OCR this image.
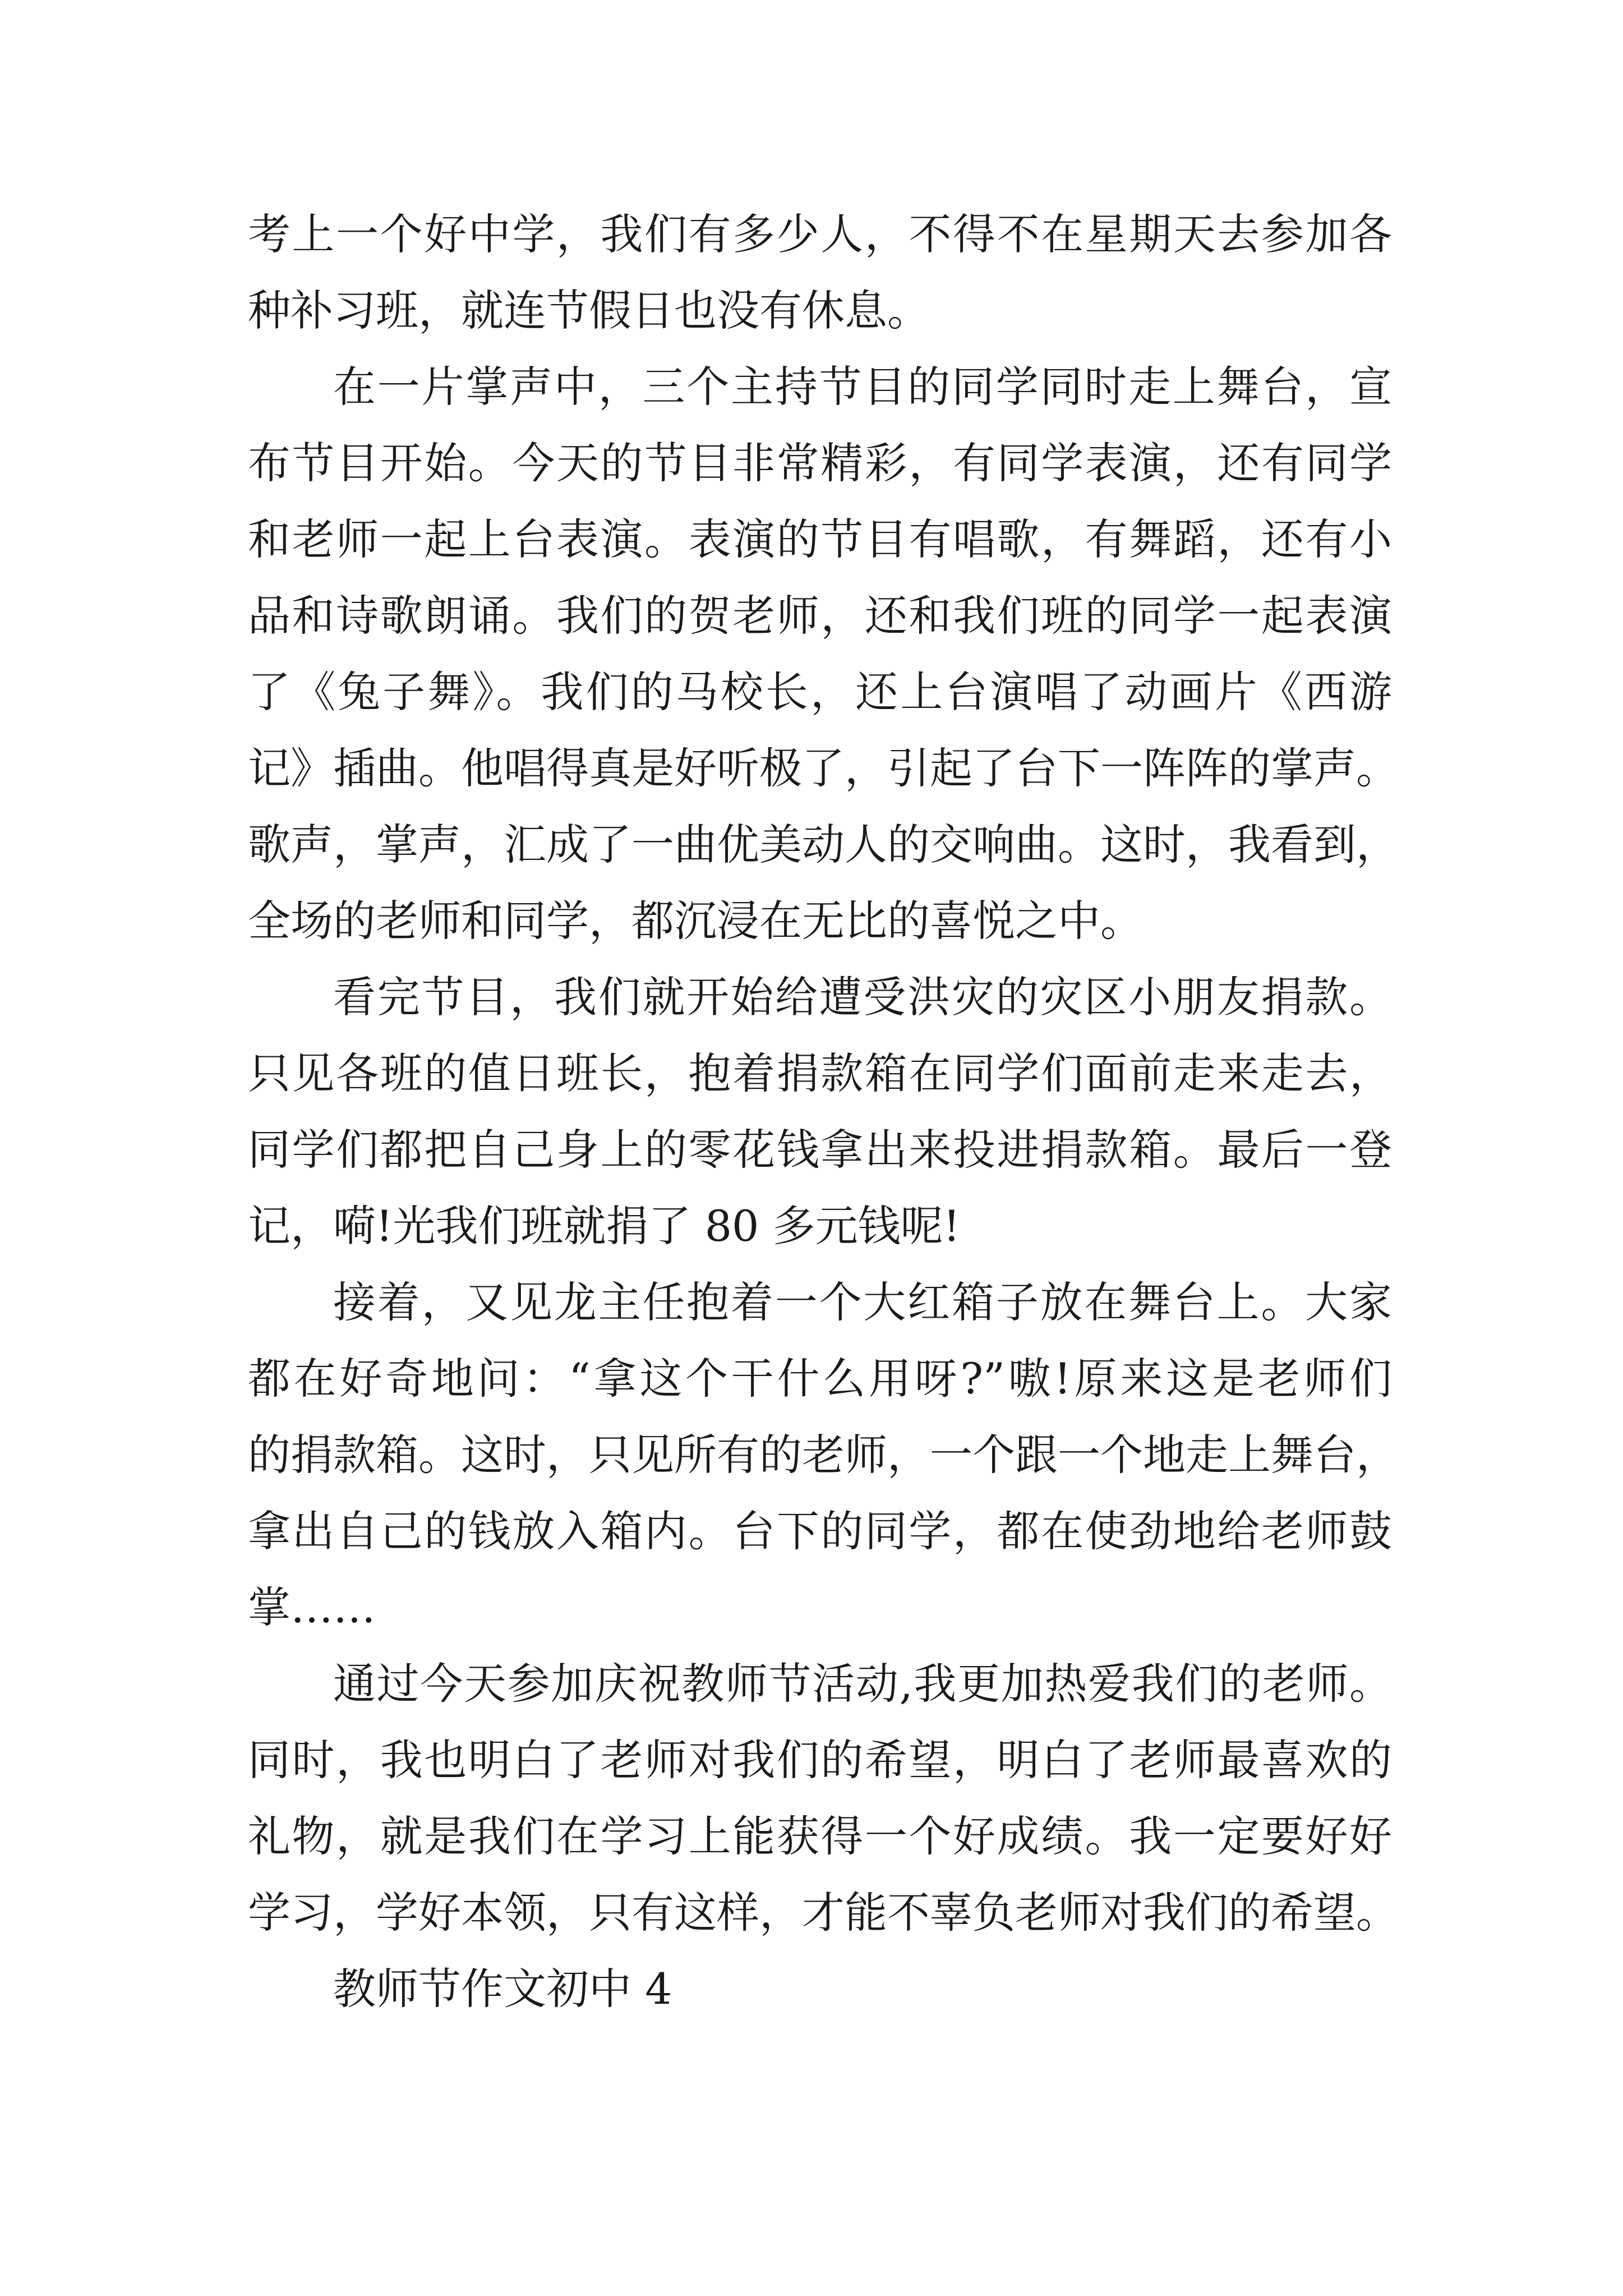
考上一个好中学，我们有多少人，不得不在星期天去参加各
种补习班，就连节假日也没有休息。
在一片掌声中，三个主持节目的同学同时走上舞台，宣
布节目开始。今天的节目非常精彩，有同学表演，还有同学
和老师一起上台表演。表演的节目有唱歌，有舞蹈，还有小
品和诗歌朗诵。我们的贺老师，还和我们班的同学一起表演
了《兔子舞》。我们的马校长，还上台演唱了动画片《西游
记》插曲。他唱得真是好听极了，引起了台下一阵阵的掌声。
歌声，掌声，汇成了一曲优美动人的交响曲。这时，我看到，
全场的老师和同学，都沉浸在无比的喜悦之中。
看完节目，我们就开始给遭受洪灾的灾区小朋友捐款。
只见各班的值日班长，抱着捐款箱在同学们面前走来走去，
同学们都把自己身上的零花钱拿出来投进捐款箱。最后一登
记，嗬!光我们班就捐了 80 多元钱呢!
接着，又见龙主任抱着一个大红箱子放在舞台上。大家
都在好奇地问：“拿这个干什么用呀?”嗷!原来这是老师们
的捐款箱。这时，只见所有的老师，一个跟一个地走上舞台，
拿出自己的钱放入箱内。台下的同学，都在使劲地给老师鼓
掌……
通过今天参加庆祝教师节活动,我更加热爱我们的老师。
同时，我也明白了老师对我们的希望，明白了老师最喜欢的
礼物，就是我们在学习上能获得一个好成绩。我一定要好好
学习，学好本领，只有这样，才能不辜负老师对我们的希望。
教师节作文初中 4
